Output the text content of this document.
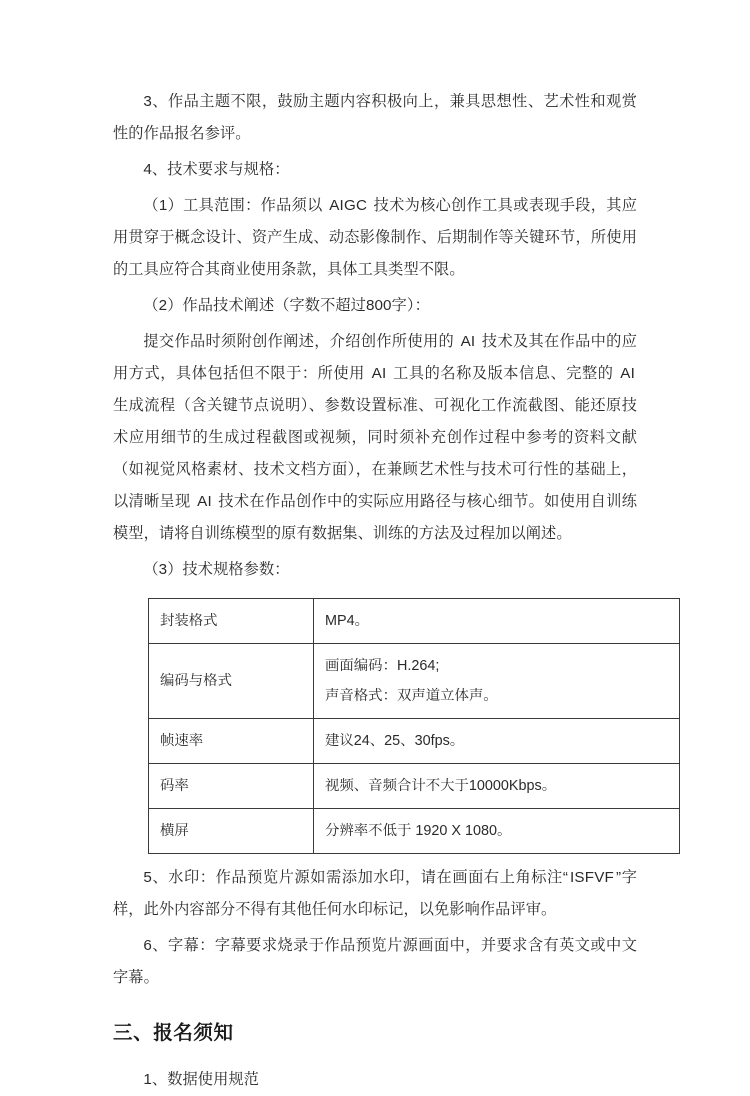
3、作品主题不限，鼓励主题内容积极向上，兼具思想性、艺术性和观赏性的作品报名参评。

4、技术要求与规格：

（1）工具范围：作品须以 AIGC 技术为核心创作工具或表现手段，其应用贯穿于概念设计、资产生成、动态影像制作、后期制作等关键环节，所使用的工具应符合其商业使用条款，具体工具类型不限。

（2）作品技术阐述（字数不超过800字）：

提交作品时须附创作阐述，介绍创作所使用的 AI 技术及其在作品中的应用方式，具体包括但不限于：所使用 AI 工具的名称及版本信息、完整的 AI 生成流程（含关键节点说明）、参数设置标准、可视化工作流截图、能还原技术应用细节的生成过程截图或视频，同时须补充创作过程中参考的资料文献（如视觉风格素材、技术文档方面），在兼顾艺术性与技术可行性的基础上，以清晰呈现 AI 技术在作品创作中的实际应用路径与核心细节。如使用自训练模型，请将自训练模型的原有数据集、训练的方法及过程加以阐述。

（3）技术规格参数：

封装格式	MP4。
编码与格式	画面编码：H.264;
声音格式：双声道立体声。

帧速率	建议24、25、30fps。
码率	视频、音频合计不大于10000Kbps。
横屏	分辨率不低于 1920 X 1080。

5、水印：作品预览片源如需添加水印，请在画面右上角标注“ ISFVF ”字样，此外内容部分不得有其他任何水印标记，以免影响作品评审。

6、字幕：字幕要求烧录于作品预览片源画面中，并要求含有英文或中文字幕。

三、报名须知

1、数据使用规范
